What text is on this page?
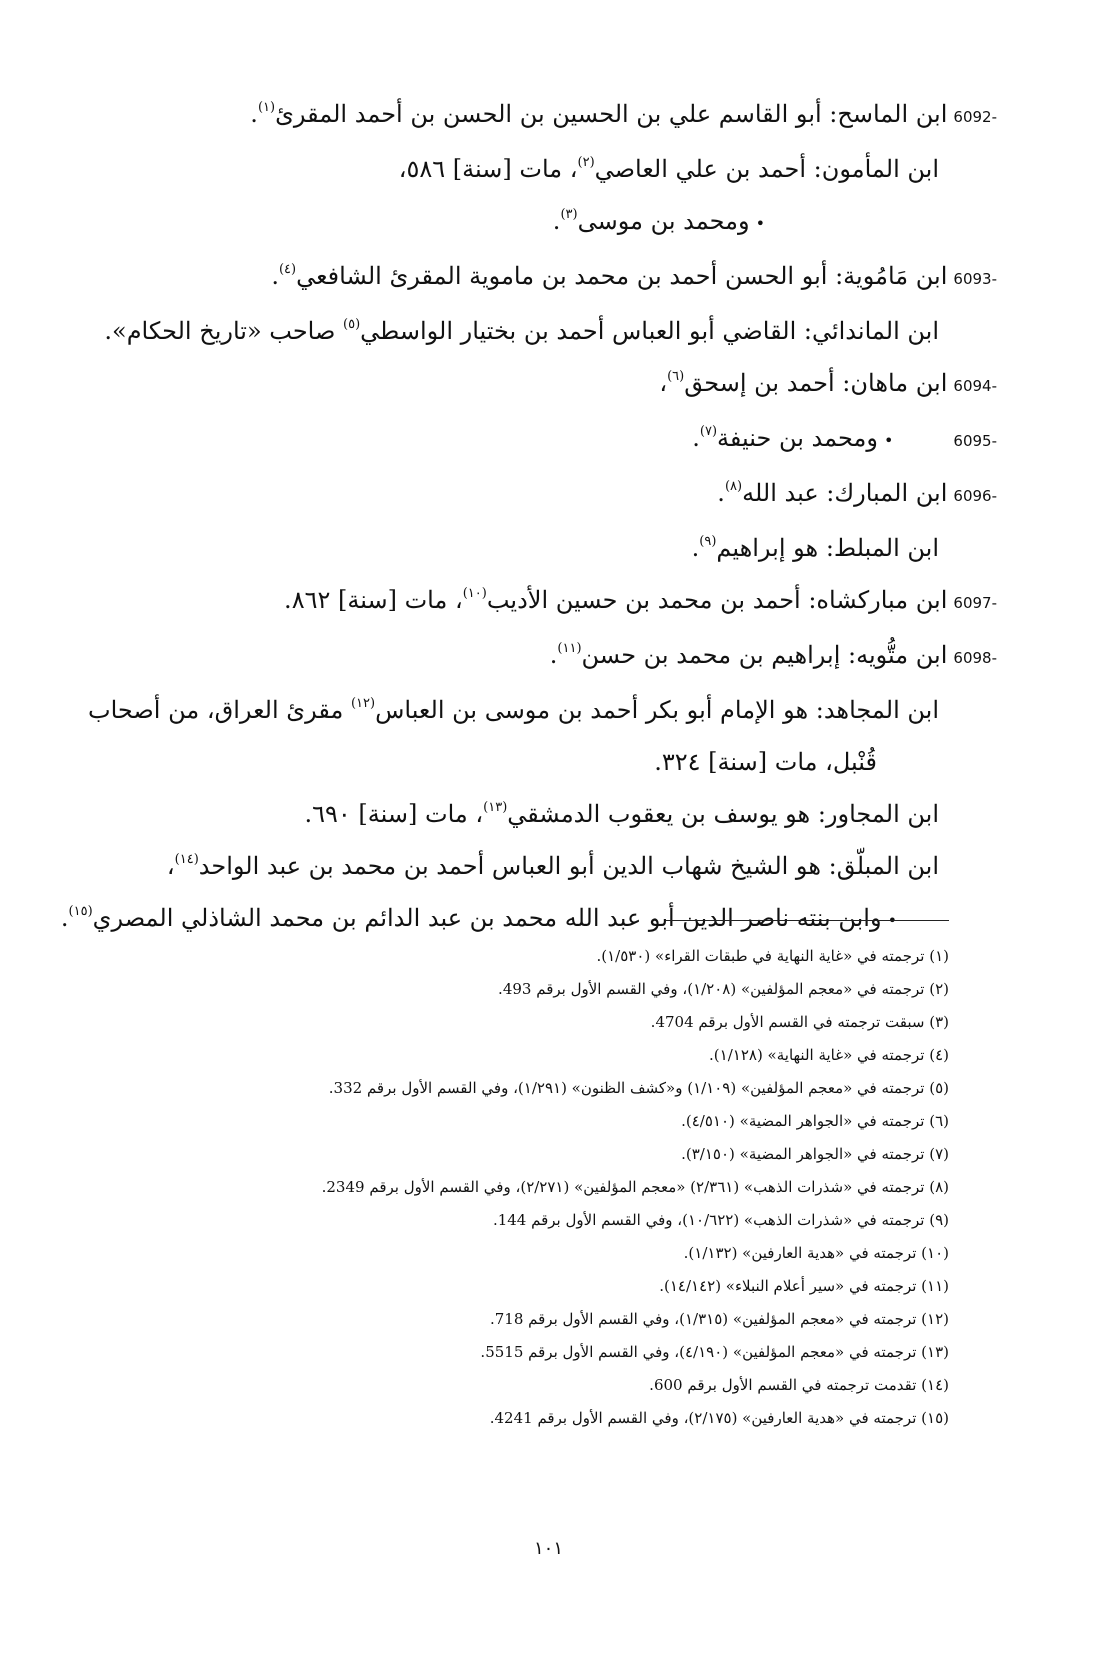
6092-ابن الماسح: أبو القاسم علي بن الحسين بن الحسن بن أحمد المقرئ$^{(١)}$.
ابن المأمون: أحمد بن علي العاصي$^{(٢)}$، مات [سنة] ٥٨٦،
•ومحمد بن موسى$^{(٣)}$.
6093-ابن مَامُوية: أبو الحسن أحمد بن محمد بن ماموية المقرئ الشافعي$^{(٤)}$.
ابن الماندائي: القاضي أبو العباس أحمد بن بختيار الواسطي$^{(٥)}$ صاحب «تاريخ الحكام».
6094-ابن ماهان: أحمد بن إسحق$^{(٦)}$،
6095-•ومحمد بن حنيفة$^{(٧)}$.
6096-ابن المبارك: عبد الله$^{(٨)}$.
ابن المبلط: هو إبراهيم$^{(٩)}$.
6097-ابن مباركشاه: أحمد بن محمد بن حسين الأديب$^{(١٠)}$، مات [سنة] ٨٦٢.
6098-ابن متُّويه: إبراهيم بن محمد بن حسن$^{(١١)}$.
ابن المجاهد: هو الإمام أبو بكر أحمد بن موسى بن العباس$^{(١٢)}$ مقرئ العراق، من أصحاب
قُنْبل، مات [سنة] ٣٢٤.
ابن المجاور: هو يوسف بن يعقوب الدمشقي$^{(١٣)}$، مات [سنة] ٦٩٠.
ابن المبلّق: هو الشيخ شهاب الدين أبو العباس أحمد بن محمد بن عبد الواحد$^{(١٤)}$،
•وابن بنته ناصر الدين أبو عبد الله محمد بن عبد الدائم بن محمد الشاذلي المصري$^{(١٥)}$.
(١) ترجمته في «غاية النهاية في طبقات القراء» (١/٥٣٠).
(٢) ترجمته في «معجم المؤلفين» (١/٢٠٨)، وفي القسم الأول برقم 493.
(٣) سبقت ترجمته في القسم الأول برقم 4704.
(٤) ترجمته في «غاية النهاية» (١/١٢٨).
(٥) ترجمته في «معجم المؤلفين» (١/١٠٩) و«كشف الظنون» (١/٢٩١)، وفي القسم الأول برقم 332.
(٦) ترجمته في «الجواهر المضية» (٤/٥١٠).
(٧) ترجمته في «الجواهر المضية» (٣/١٥٠).
(٨) ترجمته في «شذرات الذهب» (٢/٣٦١) «معجم المؤلفين» (٢/٢٧١)، وفي القسم الأول برقم 2349.
(٩) ترجمته في «شذرات الذهب» (١٠/٦٢٢)، وفي القسم الأول برقم 144.
(١٠) ترجمته في «هدية العارفين» (١/١٣٢).
(١١) ترجمته في «سير أعلام النبلاء» (١٤/١٤٢).
(١٢) ترجمته في «معجم المؤلفين» (١/٣١٥)، وفي القسم الأول برقم 718.
(١٣) ترجمته في «معجم المؤلفين» (٤/١٩٠)، وفي القسم الأول برقم 5515.
(١٤) تقدمت ترجمته في القسم الأول برقم 600.
(١٥) ترجمته في «هدية العارفين» (٢/١٧٥)، وفي القسم الأول برقم 4241.
١٠١
